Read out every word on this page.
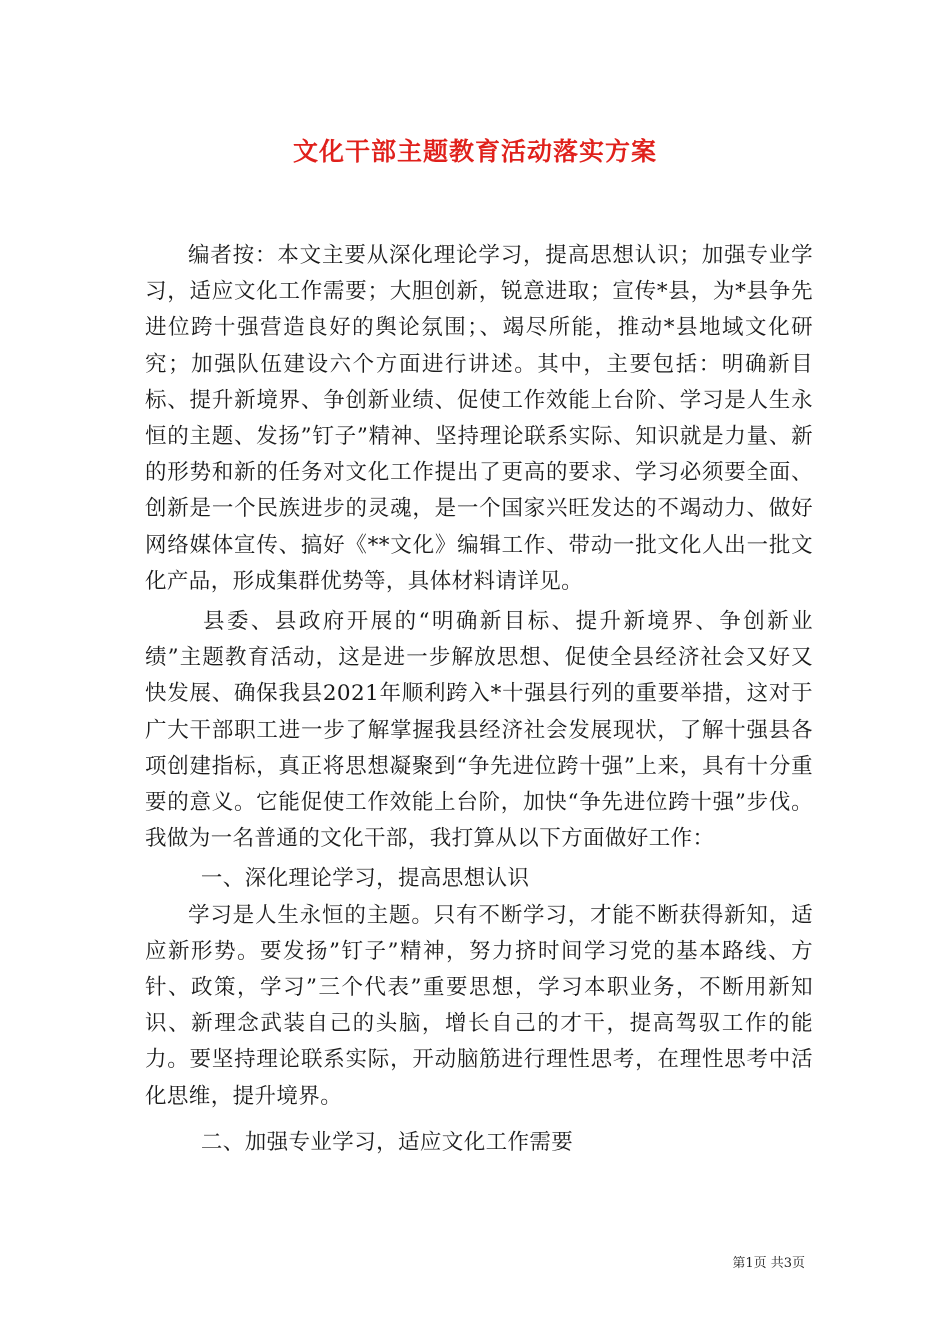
文化干部主题教育活动落实方案

编者按：本文主要从深化理论学习，提高思想认识；加强专业学习，适应文化工作需要；大胆创新，锐意进取；宣传*县，为*县争先进位跨十强营造良好的舆论氛围；、竭尽所能，推动*县地域文化研究；加强队伍建设六个方面进行讲述。其中，主要包括：明确新目标、提升新境界、争创新业绩、促使工作效能上台阶、学习是人生永恒的主题、发扬”钉子”精神、坚持理论联系实际、知识就是力量、新的形势和新的任务对文化工作提出了更高的要求、学习必须要全面、创新是一个民族进步的灵魂，是一个国家兴旺发达的不竭动力、做好网络媒体宣传、搞好《**文化》编辑工作、带动一批文化人出一批文化产品，形成集群优势等，具体材料请详见。

县委、县政府开展的“明确新目标、提升新境界、争创新业绩”主题教育活动，这是进一步解放思想、促使全县经济社会又好又快发展、确保我县2021年顺利跨入*十强县行列的重要举措，这对于广大干部职工进一步了解掌握我县经济社会发展现状，了解十强县各项创建指标，真正将思想凝聚到“争先进位跨十强”上来，具有十分重要的意义。它能促使工作效能上台阶，加快“争先进位跨十强”步伐。我做为一名普通的文化干部，我打算从以下方面做好工作：

一、深化理论学习，提高思想认识

学习是人生永恒的主题。只有不断学习，才能不断获得新知，适应新形势。要发扬”钉子”精神，努力挤时间学习党的基本路线、方针、政策，学习”三个代表”重要思想，学习本职业务，不断用新知识、新理念武装自己的头脑，增长自己的才干，提高驾驭工作的能力。要坚持理论联系实际，开动脑筋进行理性思考，在理性思考中活化思维，提升境界。

二、加强专业学习，适应文化工作需要

第1页 共3页
